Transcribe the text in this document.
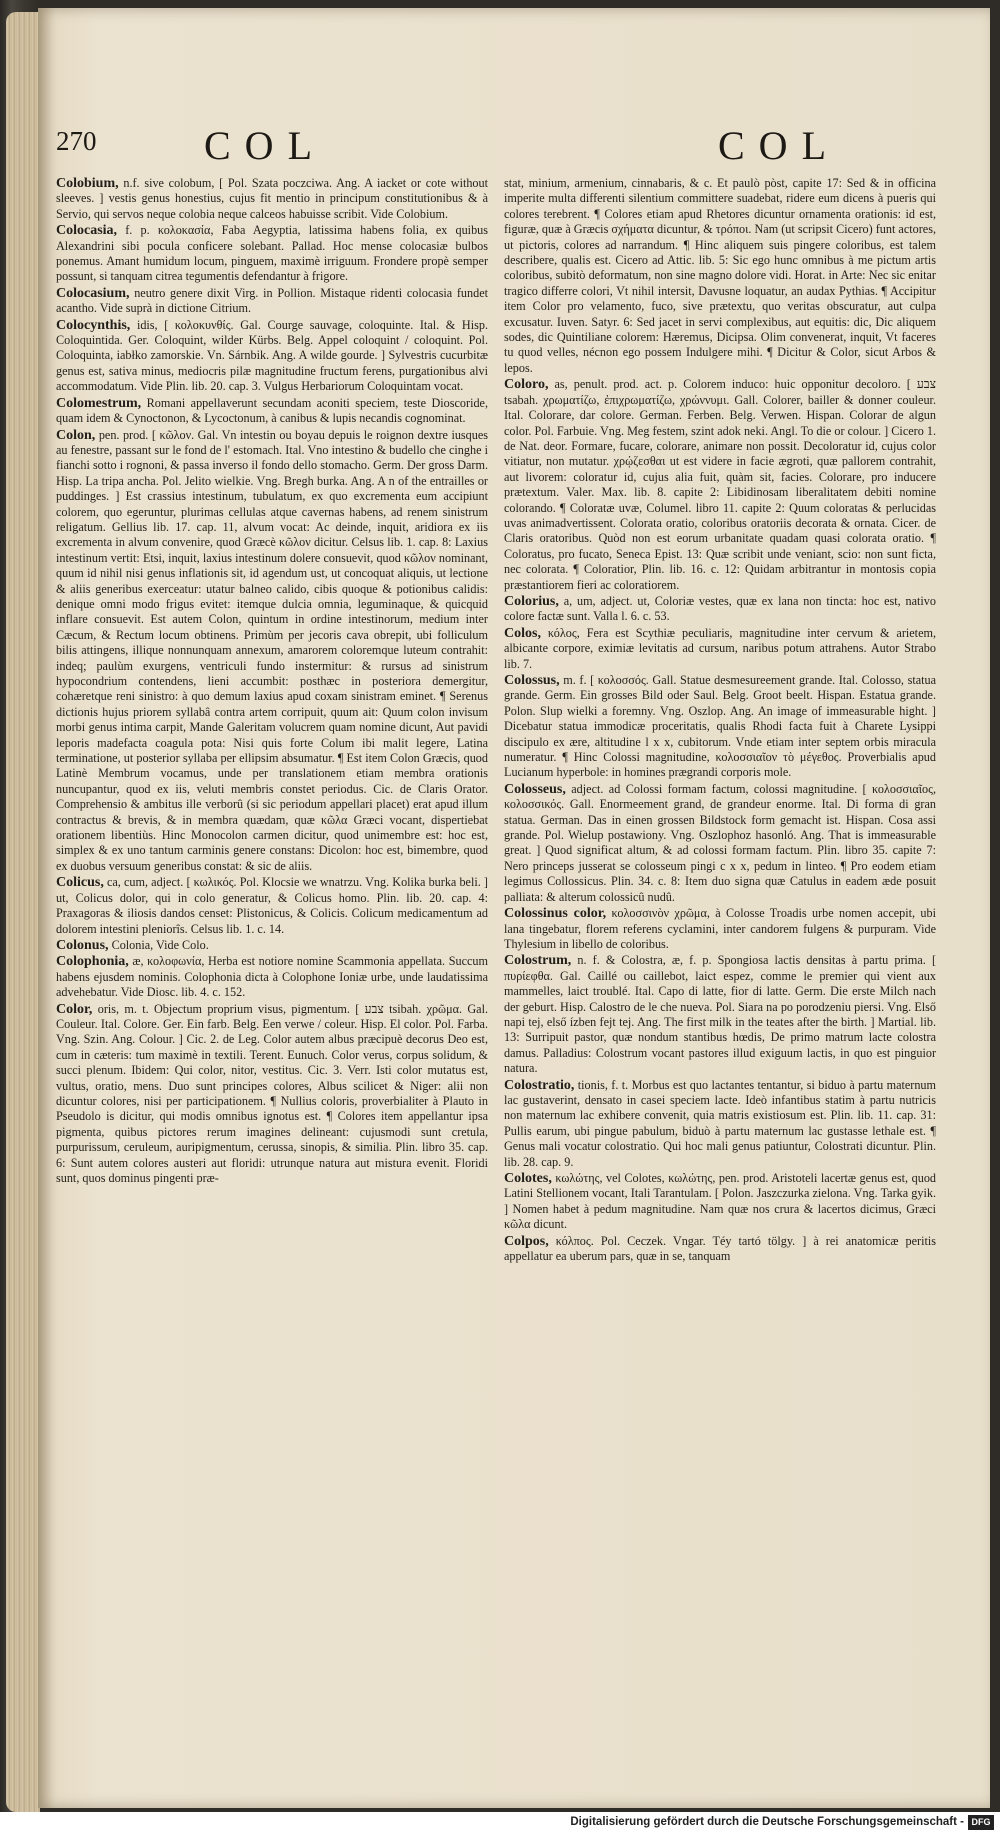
270	COL	COL

Colobium, n.f. sive colobum, [ Pol. Szata poczciwa. Ang. A iacket or cote without sleeves. ] vestis genus honestius, cujus fit mentio in principum constitutionibus & à Servio, qui servos neque colobia neque calceos habuisse scribit. Vide Colobium.

Colocasia, f. p. κολοκασία, Faba Aegyptia, latissima habens folia, ex quibus Alexandrini sibi pocula conficere solebant. Pallad. Hoc mense colocasiæ bulbos ponemus. Amant humidum locum, pinguem, maximè irriguum. Frondere propè semper possunt, si tanquam citrea tegumentis defendantur à frigore.

Colocasium, neutro genere dixit Virg. in Pollion. Mistaque ridenti colocasia fundet acantho. Vide suprà in dictione Citrium.

Colocynthis, idis, [ κολοκυνθίς. Gal. Courge sauvage, coloquinte. Ital. & Hisp. Coloquintida. Ger. Coloquint, wilder Kürbs. Belg. Appel coloquint / coloquint. Pol. Coloquinta, iabłko zamorskie. Vn. Sárnbik. Ang. A wilde gourde. ] Sylvestris cucurbitæ genus est, sativa minus, mediocris pilæ magnitudine fructum ferens, purgationibus alvi accommodatum. Vide Plin. lib. 20. cap. 3. Vulgus Herbariorum Coloquintam vocat.

Colomestrum, Romani appellaverunt secundam aconiti speciem, teste Dioscoride, quam idem & Cynoctonon, & Lycoctonum, à canibus & lupis necandis cognominat.

Colon, pen. prod. [ κῶλον. Gal. Vn intestin ou boyau depuis le roignon dextre iusques au fenestre, passant sur le fond de l' estomach. Ital. Vno intestino & budello che cinghe i fianchi sotto i rognoni, & passa inverso il fondo dello stomacho. Germ. Der gross Darm. Hisp. La tripa ancha. Pol. Jelito wielkie. Vng. Bregh burka. Ang. A n of the entrailles or puddinges. ] Est crassius intestinum, tubulatum, ex quo excrementa eum accipiunt colorem, quo egeruntur, plurimas cellulas atque cavernas habens, ad renem sinistrum religatum. Gellius lib. 17. cap. 11, alvum vocat: Ac deinde, inquit, aridiora ex iis excrementa in alvum convenire, quod Græcè κῶλον dicitur. Celsus lib. 1. cap. 8: Laxius intestinum vertit: Etsi, inquit, laxius intestinum dolere consuevit, quod κῶλον nominant, quum id nihil nisi genus inflationis sit, id agendum ust, ut concoquat aliquis, ut lectione & aliis generibus exerceatur: utatur balneo calido, cibis quoque & potionibus calidis: denique omni modo frigus evitet: itemque dulcia omnia, leguminaque, & quicquid inflare consuevit. Est autem Colon, quintum in ordine intestinorum, medium inter Cæcum, & Rectum locum obtinens. Primùm per jecoris cava obrepit, ubi folliculum bilis attingens, illique nonnunquam annexum, amarorem coloremque luteum contrahit: indeq; paulùm exurgens, ventriculi fundo instermitur: & rursus ad sinistrum hypocondrium contendens, lieni accumbit: posthæc in posteriora demergitur, cohæretque reni sinistro: à quo demum laxius apud coxam sinistram eminet. ¶ Serenus dictionis hujus priorem syllabâ contra artem corripuit, quum ait: Quum colon invisum morbi genus intima carpit, Mande Galeritam volucrem quam nomine dicunt, Aut pavidi leporis madefacta coagula pota: Nisi quis forte Colum ibi malit legere, Latina terminatione, ut posterior syllaba per ellipsim absumatur. ¶ Est item Colon Græcis, quod Latinè Membrum vocamus, unde per translationem etiam membra orationis nuncupantur, quod ex iis, veluti membris constet periodus. Cic. de Claris Orator. Comprehensio & ambitus ille verborû (si sic periodum appellari placet) erat apud illum contractus & brevis, & in membra quædam, quæ κῶλα Græci vocant, dispertiebat orationem libentiùs. Hinc Monocolon carmen dicitur, quod unimembre est: hoc est, simplex & ex uno tantum carminis genere constans: Dicolon: hoc est, bimembre, quod ex duobus versuum generibus constat: & sic de aliis.

Colicus, ca, cum, adject. [ κωλικός. Pol. Klocsie we wnatrzu. Vng. Kolika burka beli. ] ut, Colicus dolor, qui in colo generatur, & Colicus homo. Plin. lib. 20. cap. 4: Praxagoras & iliosis dandos censet: Plistonicus, & Colicis. Colicum medicamentum ad dolorem intestini pleniorîs. Celsus lib. 1. c. 14.

Colonus, Colonia, Vide Colo.

Colophonia, æ, κολοφωνία, Herba est notiore nomine Scammonia appellata. Succum habens ejusdem nominis. Colophonia dicta à Colophone Ioniæ urbe, unde laudatissima advehebatur. Vide Diosc. lib. 4. c. 152.

Color, oris, m. t. Objectum proprium visus, pigmentum. [ צבע tsibah. χρῶμα. Gal. Couleur. Ital. Colore. Ger. Ein farb. Belg. Een verwe / coleur. Hisp. El color. Pol. Farba. Vng. Szin. Ang. Colour. ] Cic. 2. de Leg. Color autem albus præcipuè decorus Deo est, cum in cæteris: tum maximè in textili. Terent. Eunuch. Color verus, corpus solidum, & succi plenum. Ibidem: Qui color, nitor, vestitus. Cic. 3. Verr. Isti color mutatus est, vultus, oratio, mens. Duo sunt principes colores, Albus scilicet & Niger: alii non dicuntur colores, nisi per participationem. ¶ Nullius coloris, proverbialiter à Plauto in Pseudolo is dicitur, qui modis omnibus ignotus est. ¶ Colores item appellantur ipsa pigmenta, quibus pictores rerum imagines delineant: cujusmodi sunt cretula, purpurissum, ceruleum, auripigmentum, cerussa, sinopis, & similia. Plin. libro 35. cap. 6: Sunt autem colores austeri aut floridi: utrunque natura aut mistura evenit. Floridi sunt, quos dominus pingenti præ-

stat, minium, armenium, cinnabaris, & c. Et paulò pòst, capite 17: Sed & in officina imperite multa differenti silentium committere suadebat, ridere eum dicens à pueris qui colores terebrent. ¶ Colores etiam apud Rhetores dicuntur ornamenta orationis: id est, figuræ, quæ à Græcis σχήματα dicuntur, & τρόποι. Nam (ut scripsit Cicero) funt actores, ut pictoris, colores ad narrandum. ¶ Hinc aliquem suis pingere coloribus, est talem describere, qualis est. Cicero ad Attic. lib. 5: Sic ego hunc omnibus à me pictum artis coloribus, subitò deformatum, non sine magno dolore vidi. Horat. in Arte: Nec sic enitar tragico differre colori, Vt nihil intersit, Davusne loquatur, an audax Pythias. ¶ Accipitur item Color pro velamento, fuco, sive prætextu, quo veritas obscuratur, aut culpa excusatur. Iuven. Satyr. 6: Sed jacet in servi complexibus, aut equitis: dic, Dic aliquem sodes, dic Quintiliane colorem: Hæremus, Dicipsa. Olim convenerat, inquit, Vt faceres tu quod velles, nécnon ego possem Indulgere mihi. ¶ Dicitur & Color, sicut Arbos & lepos.

Coloro, as, penult. prod. act. p. Colorem induco: huic opponitur decoloro. [ צבע tsabah. χρωματίζω, ἐπιχρωματίζω, χρώννυμι. Gall. Colorer, bailler & donner couleur. Ital. Colorare, dar colore. German. Ferben. Belg. Verwen. Hispan. Colorar de algun color. Pol. Farbuie. Vng. Meg festem, szint adok neki. Angl. To die or colour. ] Cicero 1. de Nat. deor. Formare, fucare, colorare, animare non possit. Decoloratur id, cujus color vitiatur, non mutatur. χρῴζεσθαι ut est videre in facie ægroti, quæ pallorem contrahit, aut livorem: coloratur id, cujus alia fuit, quàm sit, facies. Colorare, pro inducere prætextum. Valer. Max. lib. 8. capite 2: Libidinosam liberalitatem debiti nomine colorando. ¶ Coloratæ uvæ, Columel. libro 11. capite 2: Quum coloratas & perlucidas uvas animadvertissent. Colorata oratio, coloribus oratoriis decorata & ornata. Cicer. de Claris oratoribus. Quòd non est eorum urbanitate quadam quasi colorata oratio. ¶ Coloratus, pro fucato, Seneca Epist. 13: Quæ scribit unde veniant, scio: non sunt ficta, nec colorata. ¶ Coloratior, Plin. lib. 16. c. 12: Quidam arbitrantur in montosis copia præstantiorem fieri ac coloratiorem.

Colorius, a, um, adject. ut, Coloriæ vestes, quæ ex lana non tincta: hoc est, nativo colore factæ sunt. Valla l. 6. c. 53.

Colos, κόλος, Fera est Scythiæ peculiaris, magnitudine inter cervum & arietem, albicante corpore, eximiæ levitatis ad cursum, naribus potum attrahens. Autor Strabo lib. 7.

Colossus, m. f. [ κολοσσός. Gall. Statue desmesureement grande. Ital. Colosso, statua grande. Germ. Ein grosses Bild oder Saul. Belg. Groot beelt. Hispan. Estatua grande. Polon. Slup wielki a foremny. Vng. Oszlop. Ang. An image of immeasurable hight. ] Dicebatur statua immodicæ proceritatis, qualis Rhodi facta fuit à Charete Lysippi discipulo ex ære, altitudine l x x, cubitorum. Vnde etiam inter septem orbis miracula numeratur. ¶ Hinc Colossi magnitudine, κολοσσιαῖον τὸ μέγεθος. Proverbialis apud Lucianum hyperbole: in homines prægrandi corporis mole.

Colosseus, adject. ad Colossi formam factum, colossi magnitudine. [ κολοσσιαῖος, κολοσσικός. Gall. Enormeement grand, de grandeur enorme. Ital. Di forma di gran statua. German. Das in einen grossen Bildstock form gemacht ist. Hispan. Cosa assi grande. Pol. Wielup postawiony. Vng. Oszlophoz hasonló. Ang. That is immeasurable great. ] Quod significat altum, & ad colossi formam factum. Plin. libro 35. capite 7: Nero princeps jusserat se colosseum pingi c x x, pedum in linteo. ¶ Pro eodem etiam legimus Collossicus. Plin. 34. c. 8: Item duo signa quæ Catulus in eadem æde posuit palliata: & alterum colossicû nudû.

Colossinus color, κολοσσινὸν χρῶμα, à Colosse Troadis urbe nomen accepit, ubi lana tingebatur, florem referens cyclamini, inter candorem fulgens & purpuram. Vide Thylesium in libello de coloribus.

Colostrum, n. f. & Colostra, æ, f. p. Spongiosa lactis densitas à partu prima. [ πυρίεφθα. Gal. Caillé ou caillebot, laict espez, comme le premier qui vient aux mammelles, laict troublé. Ital. Capo di latte, fior di latte. Germ. Die erste Milch nach der geburt. Hisp. Calostro de le che nueva. Pol. Siara na po porodzeniu piersi. Vng. Első napi tej, első ízben fejt tej. Ang. The first milk in the teates after the birth. ] Martial. lib. 13: Surripuit pastor, quæ nondum stantibus hœdis, De primo matrum lacte colostra damus. Palladius: Colostrum vocant pastores illud exiguum lactis, in quo est pinguior natura.

Colostratio, tionis, f. t. Morbus est quo lactantes tentantur, si biduo à partu maternum lac gustaverint, densato in casei speciem lacte. Ideò infantibus statim à partu nutricis non maternum lac exhibere convenit, quia matris existiosum est. Plin. lib. 11. cap. 31: Pullis earum, ubi pingue pabulum, biduò à partu maternum lac gustasse lethale est. ¶ Genus mali vocatur colostratio. Qui hoc mali genus patiuntur, Colostrati dicuntur. Plin. lib. 28. cap. 9.

Colotes, κωλώτης, vel Colotes, κωλώτης, pen. prod. Aristoteli lacertæ genus est, quod Latini Stellionem vocant, Itali Tarantulam. [ Polon. Jaszczurka zielona. Vng. Tarka gyik. ] Nomen habet à pedum magnitudine. Nam quæ nos crura & lacertos dicimus, Græci κῶλα dicunt.

Colpos, κόλπος. Pol. Ceczek. Vngar. Téy tartó tölgy. ] à rei anatomicæ peritis appellatur ea uberum pars, quæ in se, tanquam

Digitalisierung gefördert durch die Deutsche Forschungsgemeinschaft - DFG
